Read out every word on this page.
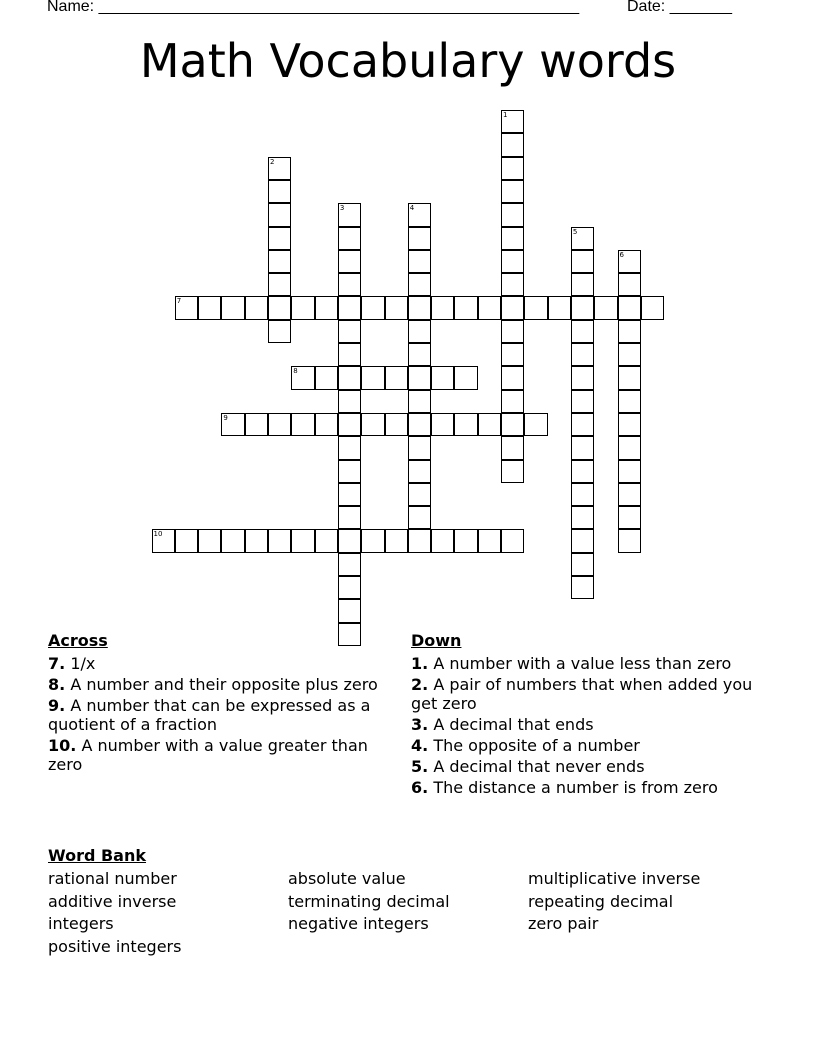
Name: ______________________________________________________	Date: _______
Math Vocabulary words
1
2
3	4
5
6
7
8
9
10
Across
7. 1/x
8. A number and their opposite plus zero
9. A number that can be expressed as a quotient of a fraction
10. A number with a value greater than zero
Down
1. A number with a value less than zero
2. A pair of numbers that when added you get zero
3. A decimal that ends
4. The opposite of a number
5. A decimal that never ends
6. The distance a number is from zero
Word Bank
rational number
additive inverse
integers
positive integers
absolute value
terminating decimal
negative integers
multiplicative inverse
repeating decimal
zero pair
